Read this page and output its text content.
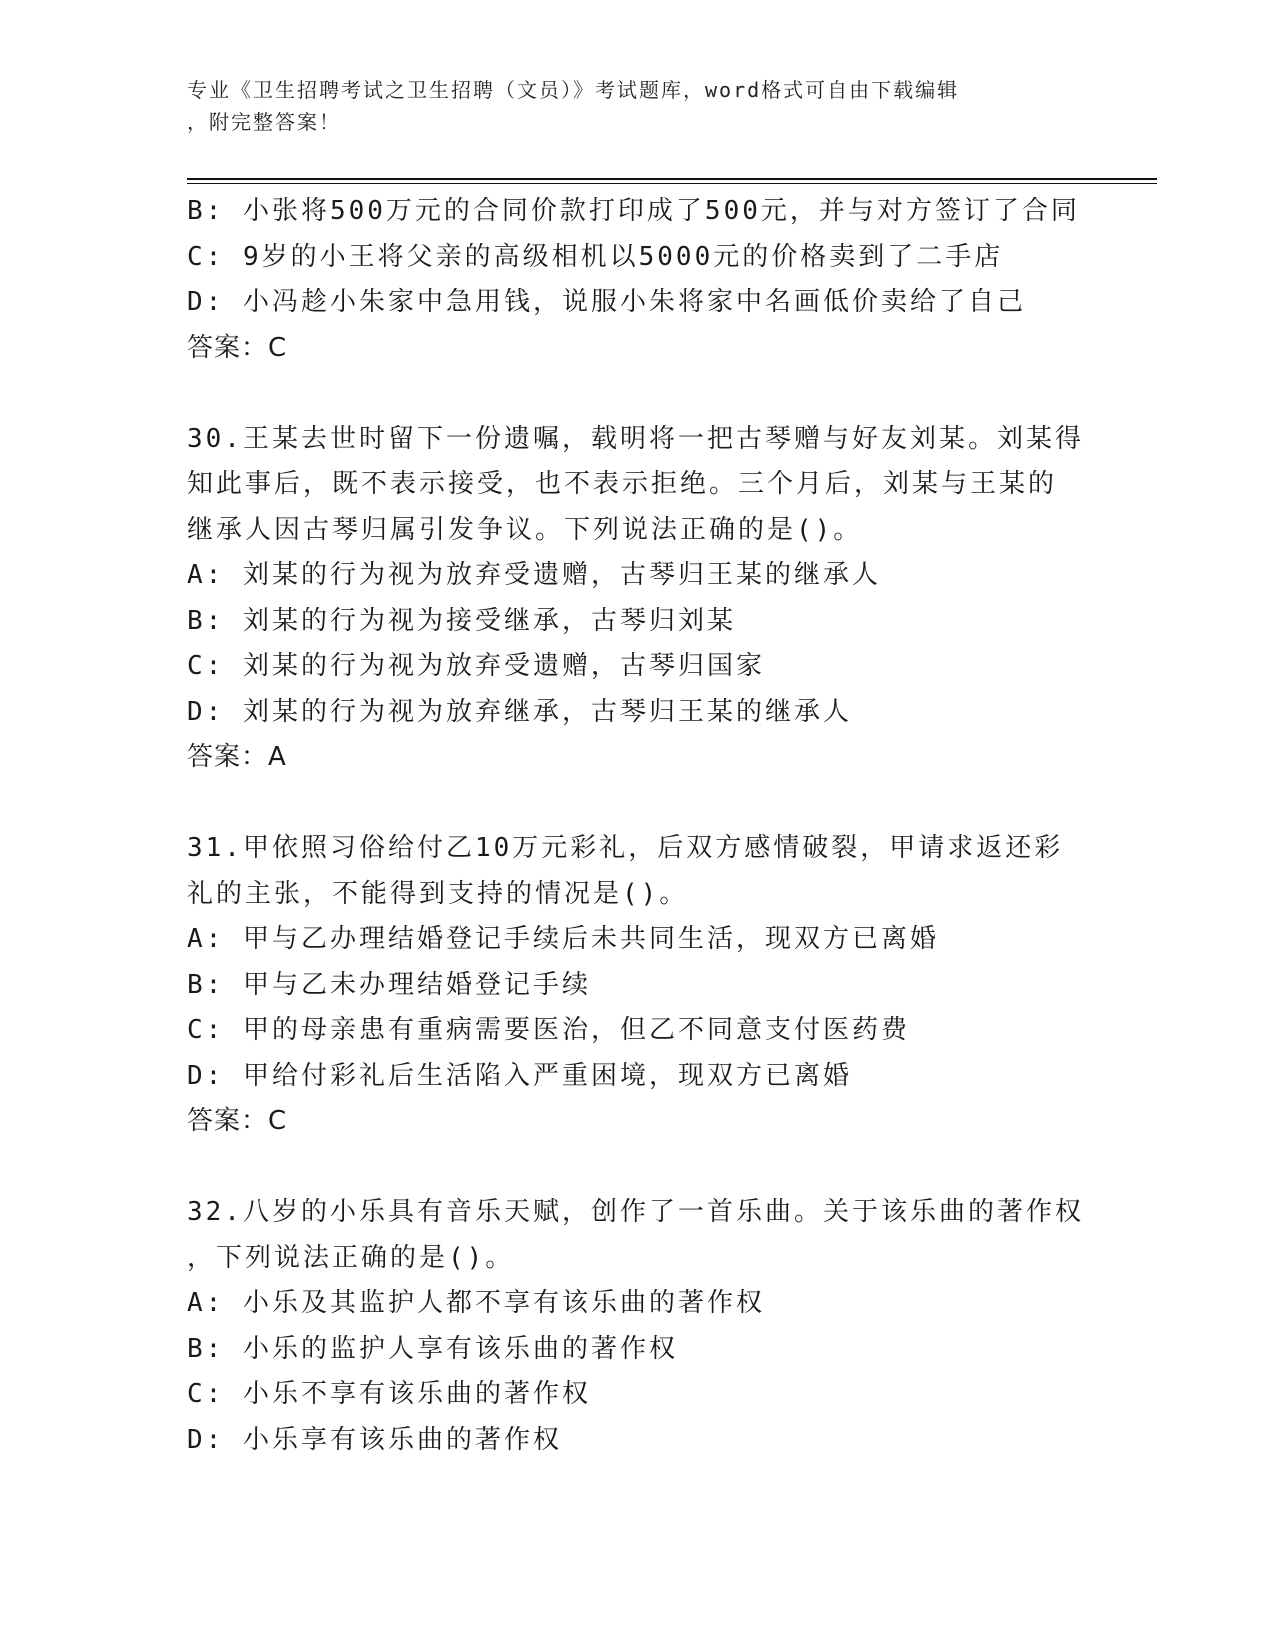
专业《卫生招聘考试之卫生招聘（文员）》考试题库，word格式可自由下载编辑
，附完整答案！
B: 小张将500万元的合同价款打印成了500元，并与对方签订了合同
C: 9岁的小王将父亲的高级相机以5000元的价格卖到了二手店
D: 小冯趁小朱家中急用钱，说服小朱将家中名画低价卖给了自己
答案：C
30.王某去世时留下一份遗嘱，载明将一把古琴赠与好友刘某。刘某得
知此事后，既不表示接受，也不表示拒绝。三个月后，刘某与王某的
继承人因古琴归属引发争议。下列说法正确的是()。
A: 刘某的行为视为放弃受遗赠，古琴归王某的继承人
B: 刘某的行为视为接受继承，古琴归刘某
C: 刘某的行为视为放弃受遗赠，古琴归国家
D: 刘某的行为视为放弃继承，古琴归王某的继承人
答案：A
31.甲依照习俗给付乙10万元彩礼，后双方感情破裂，甲请求返还彩
礼的主张，不能得到支持的情况是()。
A: 甲与乙办理结婚登记手续后未共同生活，现双方已离婚
B: 甲与乙未办理结婚登记手续
C: 甲的母亲患有重病需要医治，但乙不同意支付医药费
D: 甲给付彩礼后生活陷入严重困境，现双方已离婚
答案：C
32.八岁的小乐具有音乐天赋，创作了一首乐曲。关于该乐曲的著作权
，下列说法正确的是()。
A: 小乐及其监护人都不享有该乐曲的著作权
B: 小乐的监护人享有该乐曲的著作权
C: 小乐不享有该乐曲的著作权
D: 小乐享有该乐曲的著作权
